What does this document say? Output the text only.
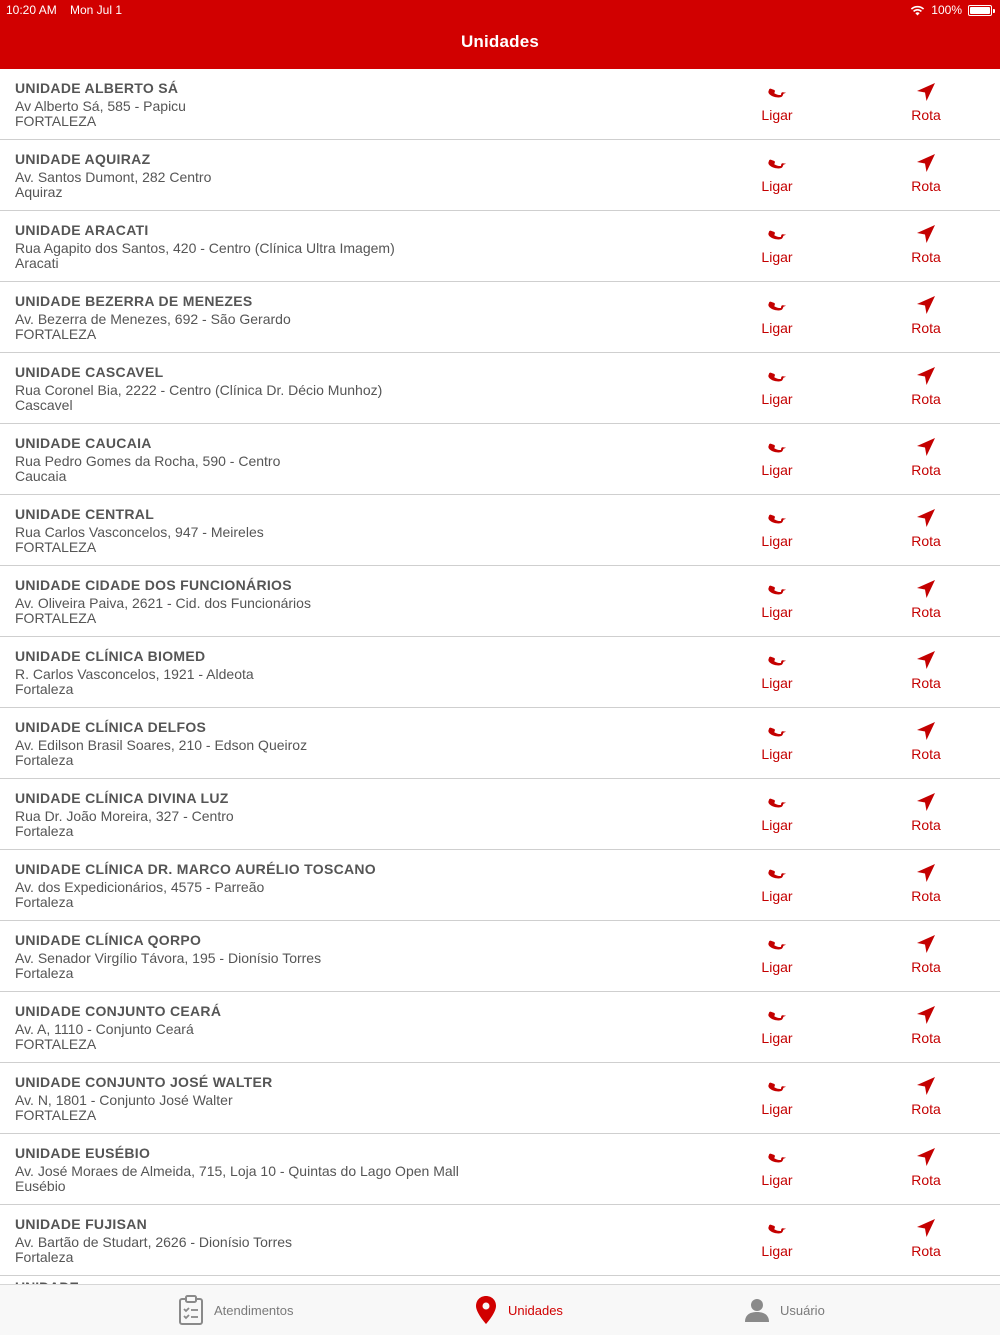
10:20 AM Mon Jul 1	100%
Unidades
UNIDADE ALBERTO SÁ
Av Alberto Sá, 585 - Papicu
FORTALEZA	Ligar	Rota
UNIDADE AQUIRAZ
Av. Santos Dumont, 282 Centro
Aquiraz	Ligar	Rota
UNIDADE ARACATI
Rua Agapito dos Santos, 420 - Centro (Clínica Ultra Imagem)
Aracati	Ligar	Rota
UNIDADE BEZERRA DE MENEZES
Av. Bezerra de Menezes, 692 - São Gerardo
FORTALEZA	Ligar	Rota
UNIDADE CASCAVEL
Rua Coronel Bia, 2222 - Centro (Clínica Dr. Décio Munhoz)
Cascavel	Ligar	Rota
UNIDADE CAUCAIA
Rua Pedro Gomes da Rocha, 590 - Centro
Caucaia	Ligar	Rota
UNIDADE CENTRAL
Rua Carlos Vasconcelos, 947 - Meireles
FORTALEZA	Ligar	Rota
UNIDADE CIDADE DOS FUNCIONÁRIOS
Av. Oliveira Paiva, 2621 - Cid. dos Funcionários
FORTALEZA	Ligar	Rota
UNIDADE CLÍNICA BIOMED
R. Carlos Vasconcelos, 1921 - Aldeota
Fortaleza	Ligar	Rota
UNIDADE CLÍNICA DELFOS
Av. Edilson Brasil Soares, 210 - Edson Queiroz
Fortaleza	Ligar	Rota
UNIDADE CLÍNICA DIVINA LUZ
Rua Dr. João Moreira, 327 - Centro
Fortaleza	Ligar	Rota
UNIDADE CLÍNICA DR. MARCO AURÉLIO TOSCANO
Av. dos Expedicionários, 4575 - Parreão
Fortaleza	Ligar	Rota
UNIDADE CLÍNICA QORPO
Av. Senador Virgílio Távora, 195 - Dionísio Torres
Fortaleza	Ligar	Rota
UNIDADE CONJUNTO CEARÁ
Av. A, 1110 - Conjunto Ceará
FORTALEZA	Ligar	Rota
UNIDADE CONJUNTO JOSÉ WALTER
Av. N, 1801 - Conjunto José Walter
FORTALEZA	Ligar	Rota
UNIDADE EUSÉBIO
Av. José Moraes de Almeida, 715, Loja 10 - Quintas do Lago Open Mall
Eusébio	Ligar	Rota
UNIDADE FUJISAN
Av. Bartão de Studart, 2626 - Dionísio Torres
Fortaleza	Ligar	Rota
Atendimentos	Unidades	Usuário
